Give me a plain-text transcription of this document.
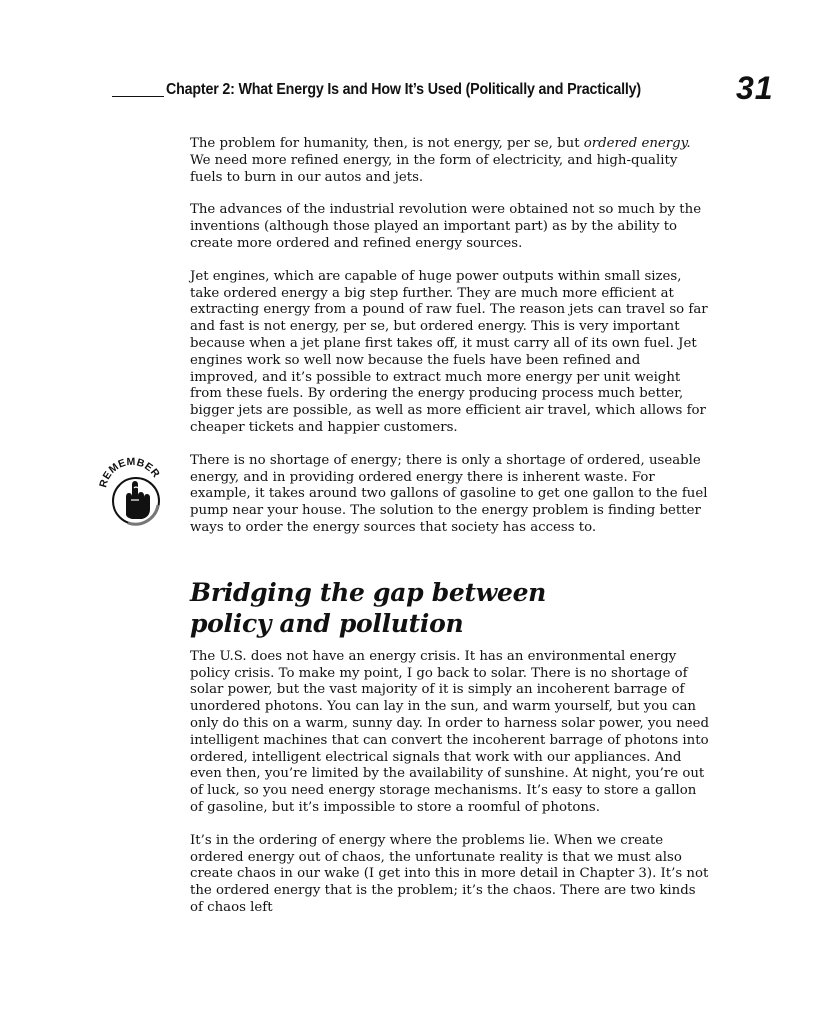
Chapter 2: What Energy Is and How It’s Used (Politically and Practically)	31
REMEMBER

The problem for humanity, then, is not energy, per se, but ordered energy. We need more refined energy, in the form of electricity, and high-quality fuels to burn in our autos and jets.

The advances of the industrial revolution were obtained not so much by the inventions (although those played an important part) as by the ability to create more ordered and refined energy sources.

Jet engines, which are capable of huge power outputs within small sizes, take ordered energy a big step further. They are much more efficient at extracting energy from a pound of raw fuel. The reason jets can travel so far and fast is not energy, per se, but ordered energy. This is very important because when a jet plane first takes off, it must carry all of its own fuel. Jet engines work so well now because the fuels have been refined and improved, and it’s possible to extract much more energy per unit weight from these fuels. By ordering the energy producing process much better, bigger jets are possible, as well as more efficient air travel, which allows for cheaper tickets and happier customers.

There is no shortage of energy; there is only a shortage of ordered, useable energy, and in providing ordered energy there is inherent waste. For example, it takes around two gallons of gasoline to get one gallon to the fuel pump near your house. The solution to the energy problem is finding better ways to order the energy sources that society has access to.

Bridging the gap between
policy and pollution

The U.S. does not have an energy crisis. It has an environmental energy policy crisis. To make my point, I go back to solar. There is no shortage of solar power, but the vast majority of it is simply an incoherent barrage of unordered photons. You can lay in the sun, and warm yourself, but you can only do this on a warm, sunny day. In order to harness solar power, you need intelligent machines that can convert the incoherent barrage of photons into ordered, intelligent electrical signals that work with our appliances. And even then, you’re limited by the availability of sunshine. At night, you’re out of luck, so you need energy storage mechanisms. It’s easy to store a gallon of gasoline, but it’s impossible to store a roomful of photons.

It’s in the ordering of energy where the problems lie. When we create ordered energy out of chaos, the unfortunate reality is that we must also create chaos in our wake (I get into this in more detail in Chapter 3). It’s not the ordered energy that is the problem; it’s the chaos. There are two kinds of chaos left
